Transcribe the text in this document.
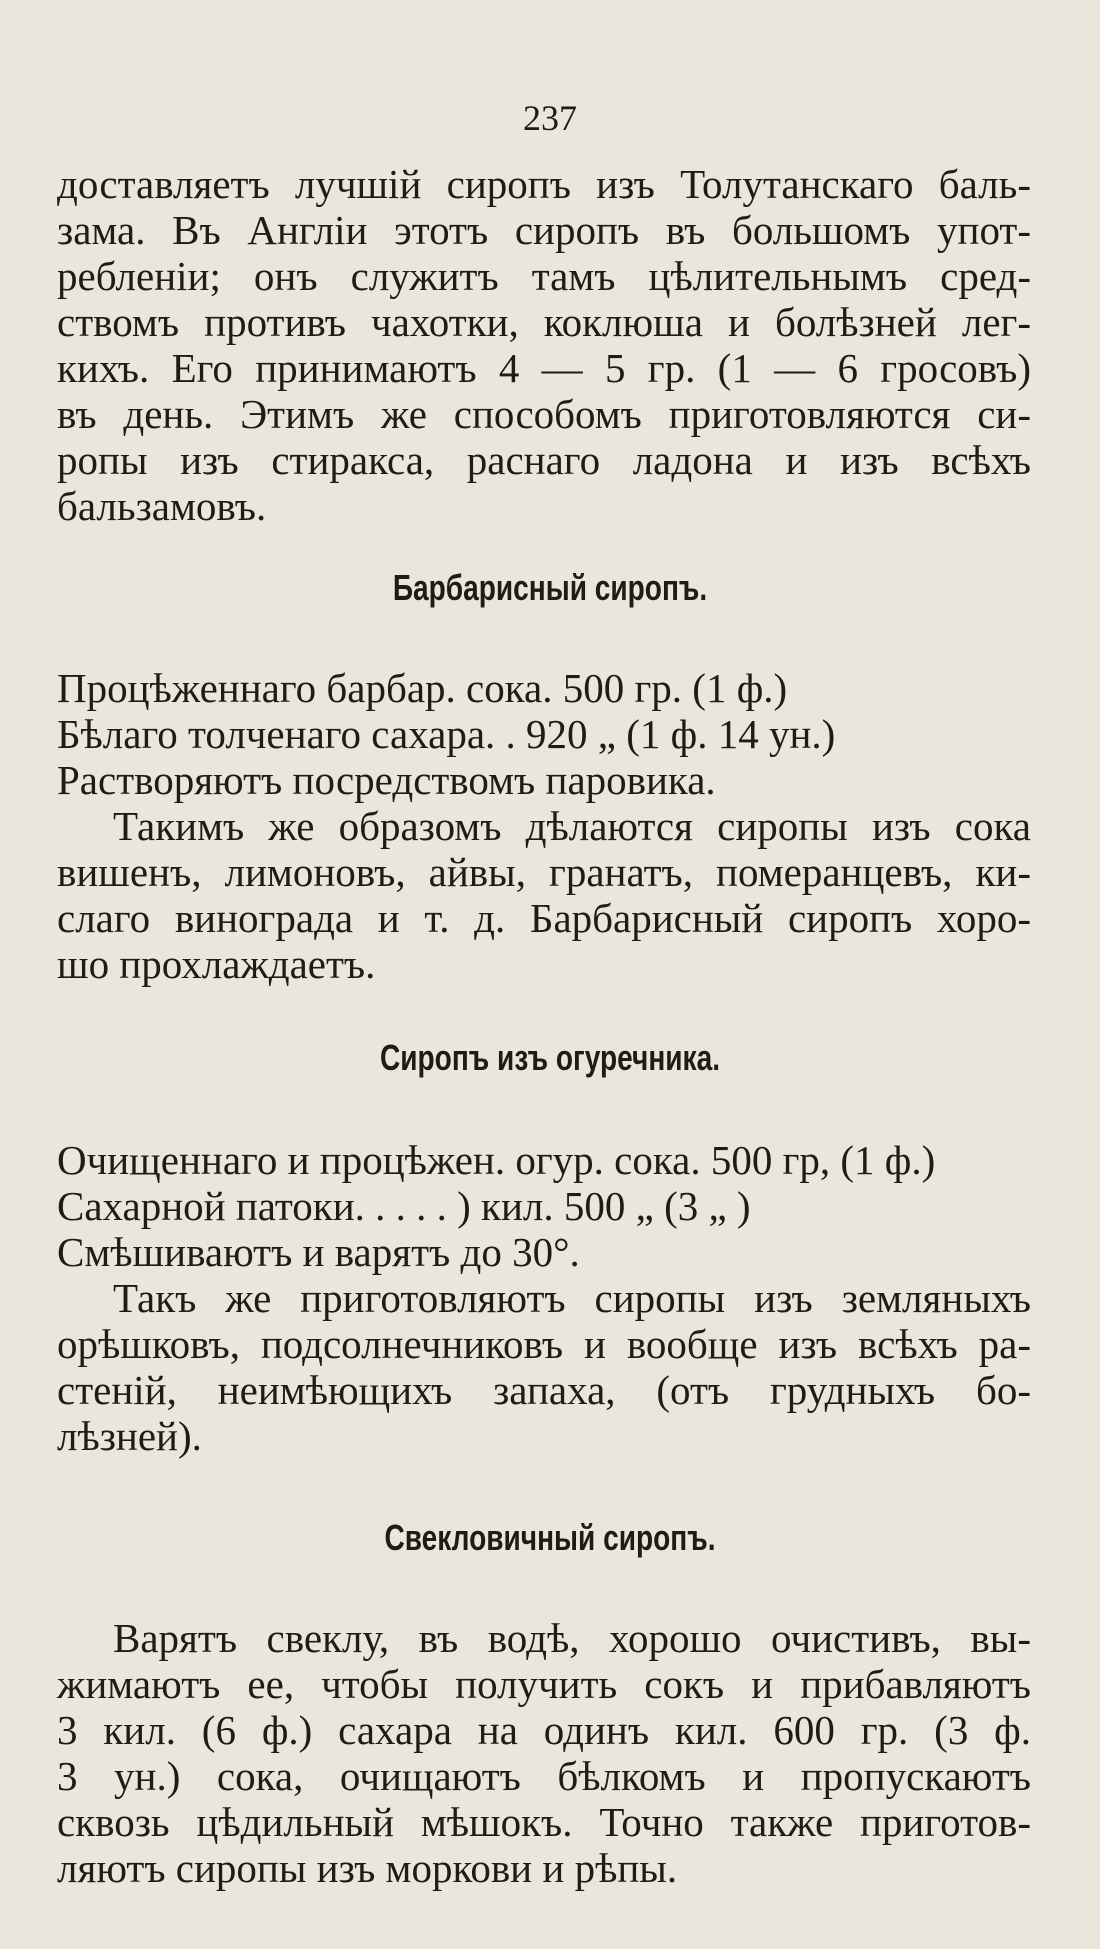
237
доставляетъ лучшій сиропъ изъ Толутанскаго баль-
зама. Въ Англіи этотъ сиропъ въ большомъ упот-
ребленіи; онъ служитъ тамъ цѣлительнымъ сред-
ствомъ противъ чахотки, коклюша и болѣзней лег-
кихъ. Его принимаютъ 4 — 5 гр. (1 — 6 гросовъ)
въ день. Этимъ же способомъ приготовляются си-
ропы изъ стиракса, раснаго ладона и изъ всѣхъ
бальзамовъ.
Барбарисный сиропъ.
Процѣженнаго барбар. сока. 500 гр. (1 ф.)
Бѣлаго толченаго сахара. . 920 „ (1 ф. 14 ун.)
Растворяютъ посредствомъ паровика.
Такимъ же образомъ дѣлаются сиропы изъ сока
вишенъ, лимоновъ, айвы, гранатъ, померанцевъ, ки-
слаго винограда и т. д. Барбарисный сиропъ хоро-
шо прохлаждаетъ.
Сиропъ изъ огуречника.
Очищеннаго и процѣжен. огур. сока. 500 гр, (1 ф.)
Сахарной патоки. . . . . ) кил. 500 „ (3 „ )
Смѣшиваютъ и варятъ до 30°.
Такъ же приготовляютъ сиропы изъ земляныхъ
орѣшковъ, подсолнечниковъ и вообще изъ всѣхъ ра-
стеній, неимѣющихъ запаха, (отъ грудныхъ бо-
лѣзней).
Свекловичный сиропъ.
Варятъ свеклу, въ водѣ, хорошо очистивъ, вы-
жимаютъ ее, чтобы получить сокъ и прибавляютъ
3 кил. (6 ф.) сахара на одинъ кил. 600 гр. (3 ф.
3 ун.) сока, очищаютъ бѣлкомъ и пропускаютъ
сквозь цѣдильный мѣшокъ. Точно также приготов-
ляютъ сиропы изъ моркови и рѣпы.
